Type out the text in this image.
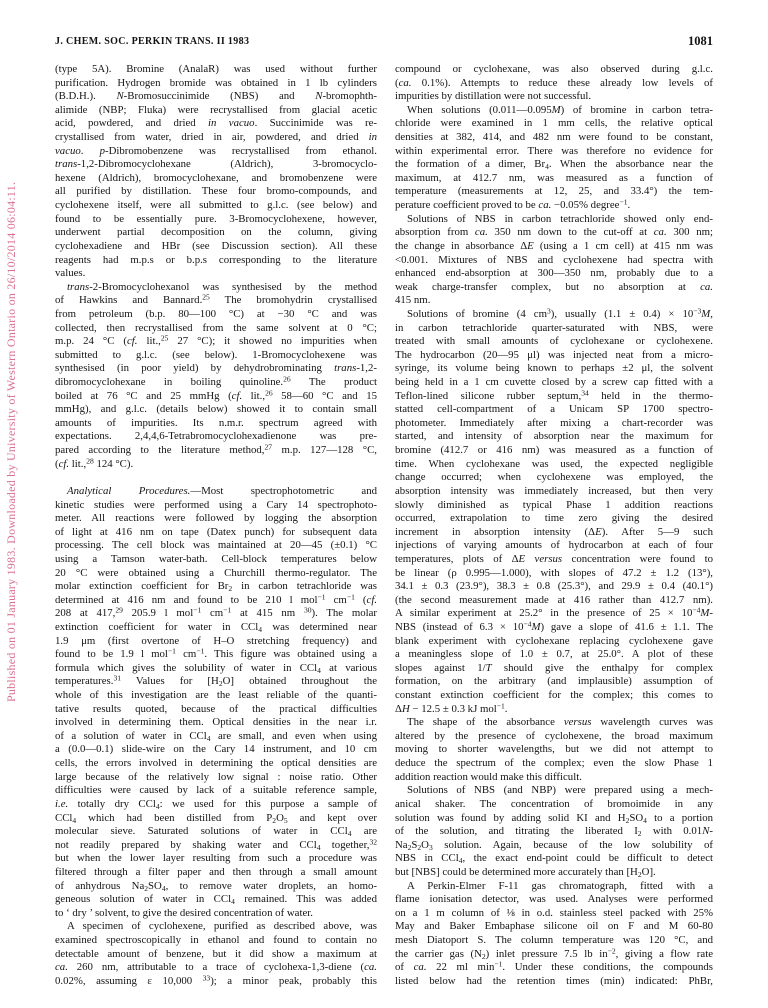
J. CHEM. SOC. PERKIN TRANS. II 1983	1081
Published on 01 January 1983. Downloaded by University of Western Ontario on 26/10/2014 06:04:11.
(type 5A). Bromine (AnalaR) was used without further
purification. Hydrogen bromide was obtained in 1 lb cylinders
(B.D.H.). N-Bromosuccinimide (NBS) and N-bromophth-
alimide (NBP; Fluka) were recrystallised from glacial acetic
acid, powdered, and dried in vacuo. Succinimide was re-
crystallised from water, dried in air, powdered, and dried in
vacuo. p-Dibromobenzene was recrystallised from ethanol.
trans-1,2-Dibromocyclohexane (Aldrich), 3-bromocyclo-
hexene (Aldrich), bromocyclohexane, and bromobenzene were
all purified by distillation. These four bromo-compounds, and
cyclohexene itself, were all submitted to g.l.c. (see below) and
found to be essentially pure. 3-Bromocyclohexene, however,
underwent partial decomposition on the column, giving
cyclohexadiene and HBr (see Discussion section). All these
reagents had m.p.s or b.p.s corresponding to the literature
values.
trans-2-Bromocyclohexanol was synthesised by the method
of Hawkins and Bannard.$^{25}$ The bromohydrin crystallised
from petroleum (b.p. 80—100 °C) at −30 °C and was
collected, then recrystallised from the same solvent at 0 °C;
m.p. 24 °C (cf. lit.,$^{25}$ 27 °C); it showed no impurities when
submitted to g.l.c. (see below). 1-Bromocyclohexene was
synthesised (in poor yield) by dehydrobrominating trans-1,2-
dibromocyclohexane in boiling quinoline.$^{26}$ The product
boiled at 76 °C and 25 mmHg (cf. lit.,$^{26}$ 58—60 °C and 15
mmHg), and g.l.c. (details below) showed it to contain small
amounts of impurities. Its n.m.r. spectrum agreed with
expectations. 2,4,4,6-Tetrabromocyclohexadienone was pre-
pared according to the literature method,$^{27}$ m.p. 127—128 °C,
(cf. lit.,$^{28}$ 124 °C).
Analytical Procedures.—Most spectrophotometric and
kinetic studies were performed using a Cary 14 spectrophoto-
meter. All reactions were followed by logging the absorption
of light at 416 nm on tape (Datex punch) for subsequent data
processing. The cell block was maintained at 20—45 (±0.1) °C
using a Tamson water-bath. Cell-block temperatures below
20 °C were obtained using a Churchill thermo-regulator. The
molar extinction coefficient for $Br_2$ in carbon tetrachloride was
determined at 416 nm and found to be 210 l mol$^{-1}$ $cm^{-1}$ (cf.
208 at 417,29 205.9 l mol$^{-1}$ $cm^{-1}$ at 415 nm $^{30}$). The molar
extinction coefficient for water in CCl$_4$ was determined near
1.9 μm (first overtone of H–O stretching frequency) and
found to be 1.9 l mol$^{-1}$ $cm^{-1}$. This figure was obtained using a
formula which gives the solubility of water in CCl$_4$ at various
temperatures.$^{31}$ Values for $[H_2O]$ obtained throughout the
whole of this investigation are the least reliable of the quanti-
tative results quoted, because of the practical difficulties
involved in determining them. Optical densities in the near i.r.
of a solution of water in CCl$_4$ are small, and even when using
a (0.0—0.1) slide-wire on the Cary 14 instrument, and 10 cm
cells, the errors involved in determining the optical densities are
large because of the relatively low signal : noise ratio. Other
difficulties were caused by lack of a suitable reference sample,
i.e. totally dry CCl$_4$: we used for this purpose a sample of
CCl$_4$ which had been distilled from $P_2O_5$ and kept over
molecular sieve. Saturated solutions of water in CCl$_4$ are
not readily prepared by shaking water and CCl$_4$ together,$^{32}$
but when the lower layer resulting from such a procedure was
filtered through a filter paper and then through a small amount
of anhydrous $Na_2SO_4$, to remove water droplets, an homo-
geneous solution of water in CCl$_4$ remained. This was added
to ‘ dry ’ solvent, to give the desired concentration of water.
A specimen of cyclohexene, purified as described above, was
examined spectroscopically in ethanol and found to contain no
detectable amount of benzene, but it did show a maximum at
ca. 260 nm, attributable to a trace of cyclohexa-1,3-diene (ca.
0.02%, assuming ε 10,000 $^{33}$); a minor peak, probably this
compound or cyclohexane, was also observed during g.l.c.
(ca. 0.1%). Attempts to reduce these already low levels of
impurities by distillation were not successful.
When solutions (0.011—0.095M) of bromine in carbon tetra-
chloride were examined in 1 mm cells, the relative optical
densities at 382, 414, and 482 nm were found to be constant,
within experimental error. There was therefore no evidence for
the formation of a dimer, $Br_4$. When the absorbance near the
maximum, at 412.7 nm, was measured as a function of
temperature (measurements at 12, 25, and 33.4°) the tem-
perature coefficient proved to be ca. −0.05% degree$^{-1}$.
Solutions of NBS in carbon tetrachloride showed only end-
absorption from ca. 350 nm down to the cut-off at ca. 300 nm;
the change in absorbance ΔE (using a 1 cm cell) at 415 nm was
<0.001. Mixtures of NBS and cyclohexene had spectra with
enhanced end-absorption at 300—350 nm, probably due to a
weak charge-transfer complex, but no absorption at ca.
415 nm.
Solutions of bromine (4 $cm^3$), usually $(1.1 \pm 0.4) \times 10^{-3}M$,
in carbon tetrachloride quarter-saturated with NBS, were
treated with small amounts of cyclohexane or cyclohexene.
The hydrocarbon (20—95 μl) was injected neat from a micro-
syringe, its volume being known to perhaps ±2 μl, the solvent
being held in a 1 cm cuvette closed by a screw cap fitted with a
Teflon-lined silicone rubber septum,$^{34}$ held in the thermo-
statted cell-compartment of a Unicam SP 1700 spectro-
photometer. Immediately after mixing a chart-recorder was
started, and intensity of absorption near the maximum for
bromine (412.7 or 416 nm) was measured as a function of
time. When cyclohexane was used, the expected negligible
change occurred; when cyclohexene was employed, the
absorption intensity was immediately increased, but then very
slowly diminished as typical Phase 1 addition reactions
occurred, extrapolation to time zero giving the desired
increment in absorption intensity (ΔE). After 5—9 such
injections of varying amounts of hydrocarbon at each of four
temperatures, plots of ΔE versus concentration were found to
be linear (ρ 0.995—1.000), with slopes of 47.2 ± 1.2 (13°),
34.1 ± 0.3 (23.9°), 38.3 ± 0.8 (25.3°), and 29.9 ± 0.4 (40.1°)
(the second measurement made at 416 rather than 412.7 nm).
A similar experiment at 25.2° in the presence of $25 \times 10^{-4}M-$
NBS (instead of $6.3 \times 10^{-4}M$) gave a slope of 41.6 ± 1.1. The
blank experiment with cyclohexane replacing cyclohexene gave
a meaningless slope of 1.0 ± 0.7, at 25.0°. A plot of these
slopes against 1/T should give the enthalpy for complex
formation, on the arbitrary (and implausible) assumption of
constant extinction coefficient for the complex; this comes to
ΔH − 12.5 ± 0.3 kJ mol$^{-1}$.
The shape of the absorbance versus wavelength curves was
altered by the presence of cyclohexene, the broad maximum
moving to shorter wavelengths, but we did not attempt to
deduce the spectrum of the complex; even the slow Phase 1
addition reaction would make this difficult.
Solutions of NBS (and NBP) were prepared using a mech-
anical shaker. The concentration of bromoimide in any
solution was found by adding solid KI and $H_2SO_4$ to a portion
of the solution, and titrating the liberated $I_2$ with 0.01N-
$Na_2S_2O_3$ solution. Again, because of the low solubility of
NBS in CCl$_4$, the exact end-point could be difficult to detect
but [NBS] could be determined more accurately than $[H_2O]$.
A Perkin-Elmer F-11 gas chromatograph, fitted with a
flame ionisation detector, was used. Analyses were performed
on a 1 m column of ⅛ in o.d. stainless steel packed with 25%
May and Baker Embaphase silicone oil on F and M 60-80
mesh Diatoport S. The column temperature was 120 °C, and
the carrier gas $(N_2)$ inlet pressure 7.5 lb $in^{-2}$, giving a flow rate
of ca. 22 ml $\min^{-1}$. Under these conditions, the compounds
listed below had the retention times (min) indicated: PhBr,
